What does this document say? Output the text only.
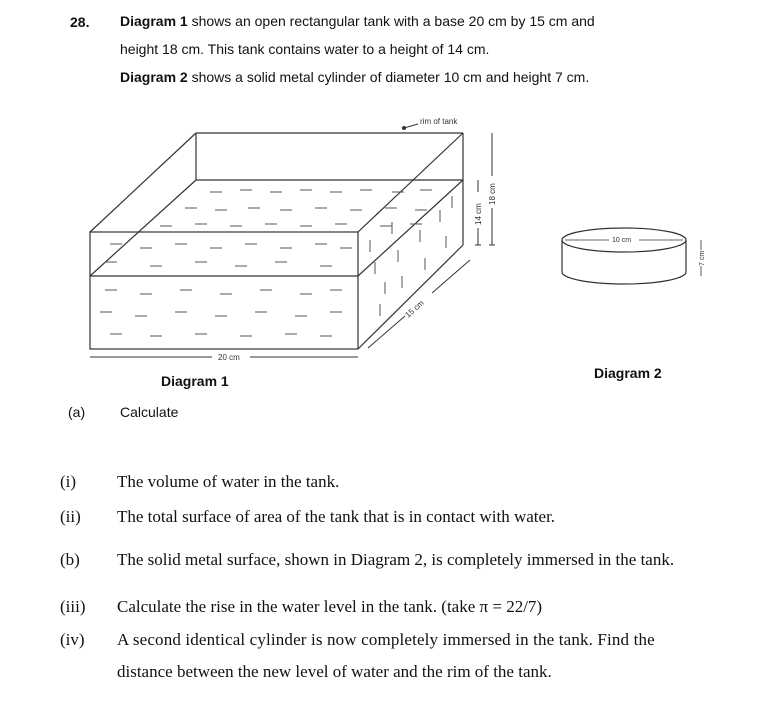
28. Diagram 1 shows an open rectangular tank with a base 20 cm by 15 cm and
height 18 cm. This tank contains water to a height of 14 cm.
Diagram 2 shows a solid metal cylinder of diameter 10 cm and height 7 cm.
rim of tank
20 cm
15 cm
14 cm
18 cm
10 cm
7 cm
Diagram 1	Diagram 2
(a) Calculate
(i) The volume of water in the tank.
(ii) The total surface of area of the tank that is in contact with water.
(b) The solid metal surface, shown in Diagram 2, is completely immersed in the tank.
(iii) Calculate the rise in the water level in the tank. (take π = 22/7)
(iv) A second identical cylinder is now completely immersed in the tank. Find the
distance between the new level of water and the rim of the tank.
